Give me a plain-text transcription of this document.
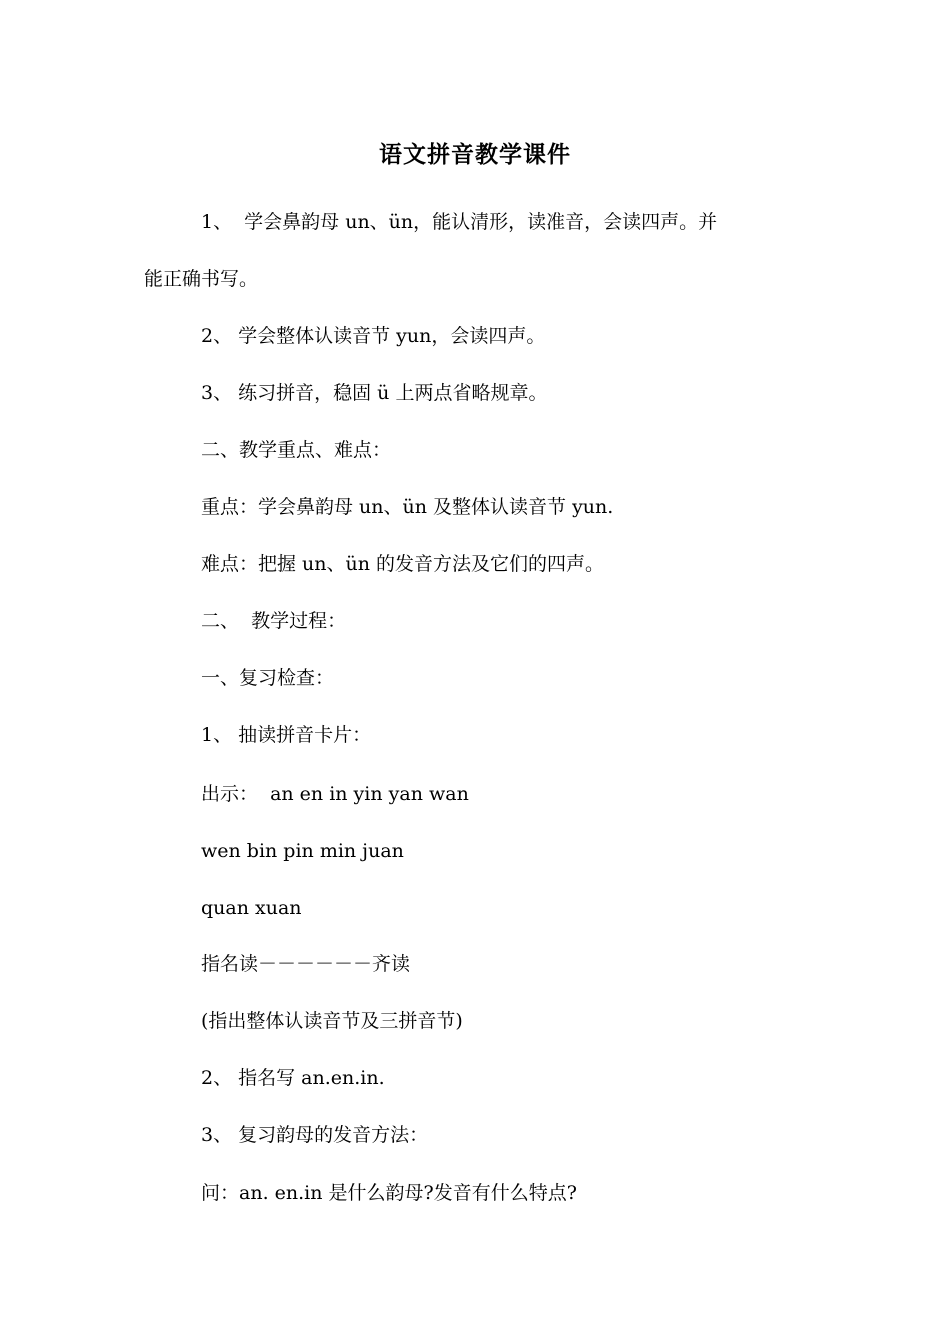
语文拼音教学课件
1、  学会鼻韵母 un、ün，能认清形，读准音，会读四声。并
能正确书写。
2、 学会整体认读音节 yun，会读四声。
3、 练习拼音，稳固 ü 上两点省略规章。
二、教学重点、难点：
重点：学会鼻韵母 un、ün 及整体认读音节 yun.
难点：把握 un、ün 的发音方法及它们的四声。
二、  教学过程：
一、复习检查：
1、 抽读拼音卡片：
出示：  an en in yin yan wan
wen bin pin min juan
quan xuan
指名读－－－－－－齐读
(指出整体认读音节及三拼音节)
2、 指名写 an.en.in.
3、 复习韵母的发音方法：
问：an. en.in 是什么韵母?发音有什么特点?
